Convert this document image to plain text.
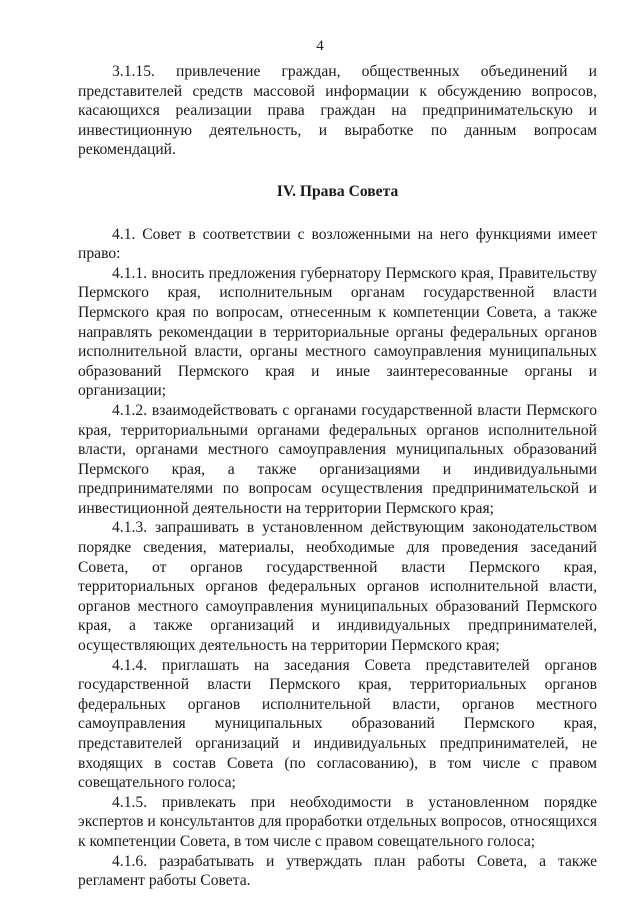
4

3.1.15. привлечение граждан, общественных объединений и представителей средств массовой информации к обсуждению вопросов, касающихся реализации права граждан на предпринимательскую и инвестиционную деятельность, и выработке по данным вопросам рекомендаций.

IV. Права Совета

4.1. Совет в соответствии с возложенными на него функциями имеет право:

4.1.1. вносить предложения губернатору Пермского края, Правительству Пермского края, исполнительным органам государственной власти Пермского края по вопросам, отнесенным к компетенции Совета, а также направлять рекомендации в территориальные органы федеральных органов исполнительной власти, органы местного самоуправления муниципальных образований Пермского края и иные заинтересованные органы и организации;

4.1.2. взаимодействовать с органами государственной власти Пермского края, территориальными органами федеральных органов исполнительной власти, органами местного самоуправления муниципальных образований Пермского края, а также организациями и индивидуальными предпринимателями по вопросам осуществления предпринимательской и инвестиционной деятельности на территории Пермского края;

4.1.3. запрашивать в установленном действующим законодательством порядке сведения, материалы, необходимые для проведения заседаний Совета, от органов государственной власти Пермского края, территориальных органов федеральных органов исполнительной власти, органов местного самоуправления муниципальных образований Пермского края, а также организаций и индивидуальных предпринимателей, осуществляющих деятельность на территории Пермского края;

4.1.4. приглашать на заседания Совета представителей органов государственной власти Пермского края, территориальных органов федеральных органов исполнительной власти, органов местного самоуправления муниципальных образований Пермского края, представителей организаций и индивидуальных предпринимателей, не входящих в состав Совета (по согласованию), в том числе с правом совещательного голоса;

4.1.5. привлекать при необходимости в установленном порядке экспертов и консультантов для проработки отдельных вопросов, относящихся к компетенции Совета, в том числе с правом совещательного голоса;

4.1.6. разрабатывать и утверждать план работы Совета, а также регламент работы Совета.
